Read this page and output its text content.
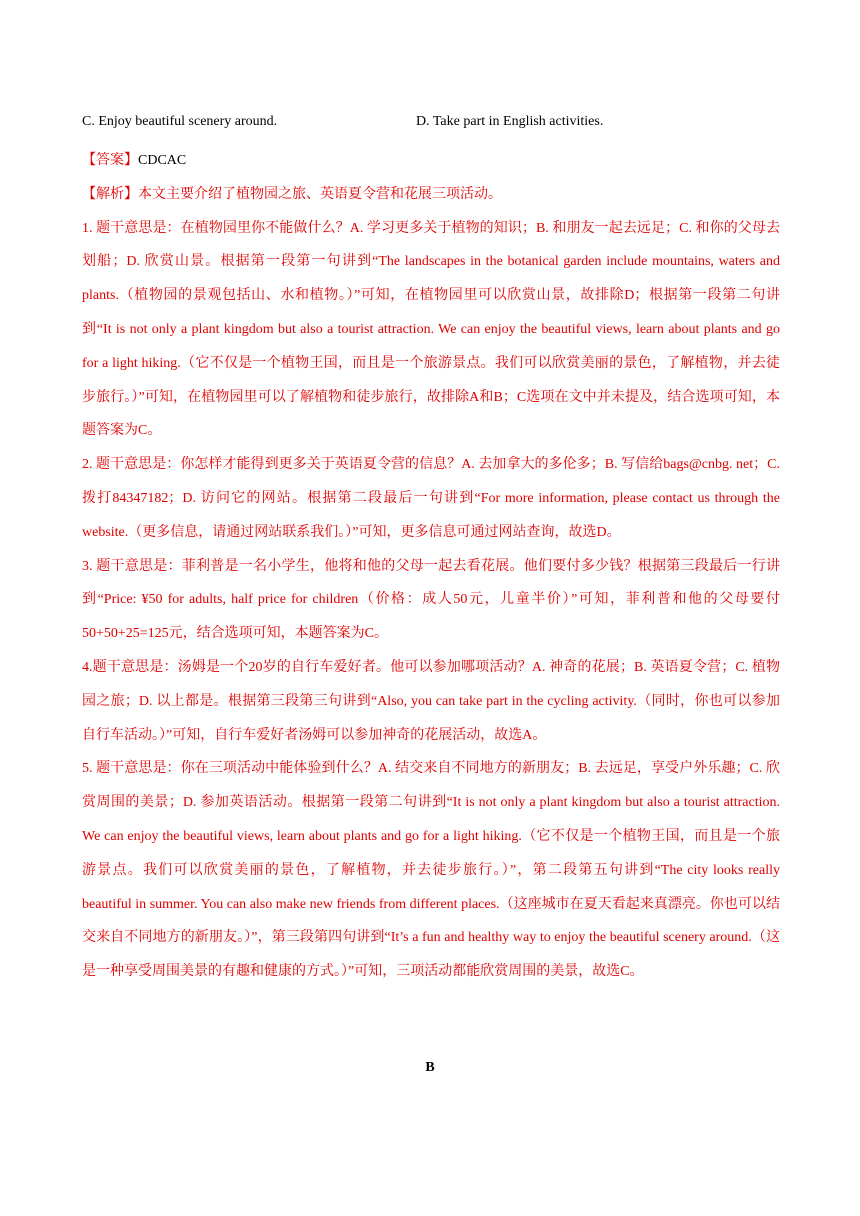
C. Enjoy beautiful scenery around.	D. Take part in English activities.
【答案】CDCAC
【解析】本文主要介绍了植物园之旅、英语夏令营和花展三项活动。

1. 题干意思是：在植物园里你不能做什么？A. 学习更多关于植物的知识；B. 和朋友一起去远足；C. 和你的父母去划船；D. 欣赏山景。根据第一段第一句讲到“The landscapes in the botanical garden include mountains, waters and plants.（植物园的景观包括山、水和植物。）”可知，在植物园里可以欣赏山景，故排除D；根据第一段第二句讲到“It is not only a plant kingdom but also a tourist attraction. We can enjoy the beautiful views, learn about plants and go for a light hiking.（它不仅是一个植物王国，而且是一个旅游景点。我们可以欣赏美丽的景色，了解植物，并去徒步旅行。）”可知，在植物园里可以了解植物和徒步旅行，故排除A和B；C选项在文中并未提及，结合选项可知，本题答案为C。

2. 题干意思是：你怎样才能得到更多关于英语夏令营的信息？A. 去加拿大的多伦多；B. 写信给bags@cnbg. net；C. 拨打84347182；D. 访问它的网站。根据第二段最后一句讲到“For more information, please contact us through the website.（更多信息，请通过网站联系我们。）”可知，更多信息可通过网站查询，故选D。

3. 题干意思是：菲利普是一名小学生，他将和他的父母一起去看花展。他们要付多少钱？根据第三段最后一行讲到“Price: ¥50 for adults, half price for children（价格：成人50元，儿童半价）”可知，菲利普和他的父母要付50+50+25=125元，结合选项可知，本题答案为C。

4.题干意思是：汤姆是一个20岁的自行车爱好者。他可以参加哪项活动？A. 神奇的花展；B. 英语夏令营；C. 植物园之旅；D. 以上都是。根据第三段第三句讲到“Also, you can take part in the cycling activity.（同时，你也可以参加自行车活动。）”可知，自行车爱好者汤姆可以参加神奇的花展活动，故选A。

5. 题干意思是：你在三项活动中能体验到什么？A. 结交来自不同地方的新朋友；B. 去远足，享受户外乐趣；C. 欣赏周围的美景；D. 参加英语活动。根据第一段第二句讲到“It is not only a plant kingdom but also a tourist attraction. We can enjoy the beautiful views, learn about plants and go for a light hiking.（它不仅是一个植物王国，而且是一个旅游景点。我们可以欣赏美丽的景色，了解植物，并去徒步旅行。）”，第二段第五句讲到“The city looks really beautiful in summer. You can also make new friends from different places.（这座城市在夏天看起来真漂亮。你也可以结交来自不同地方的新朋友。）”，第三段第四句讲到“It’s a fun and healthy way to enjoy the beautiful scenery around.（这是一种享受周围美景的有趣和健康的方式。）”可知，三项活动都能欣赏周围的美景，故选C。

B
